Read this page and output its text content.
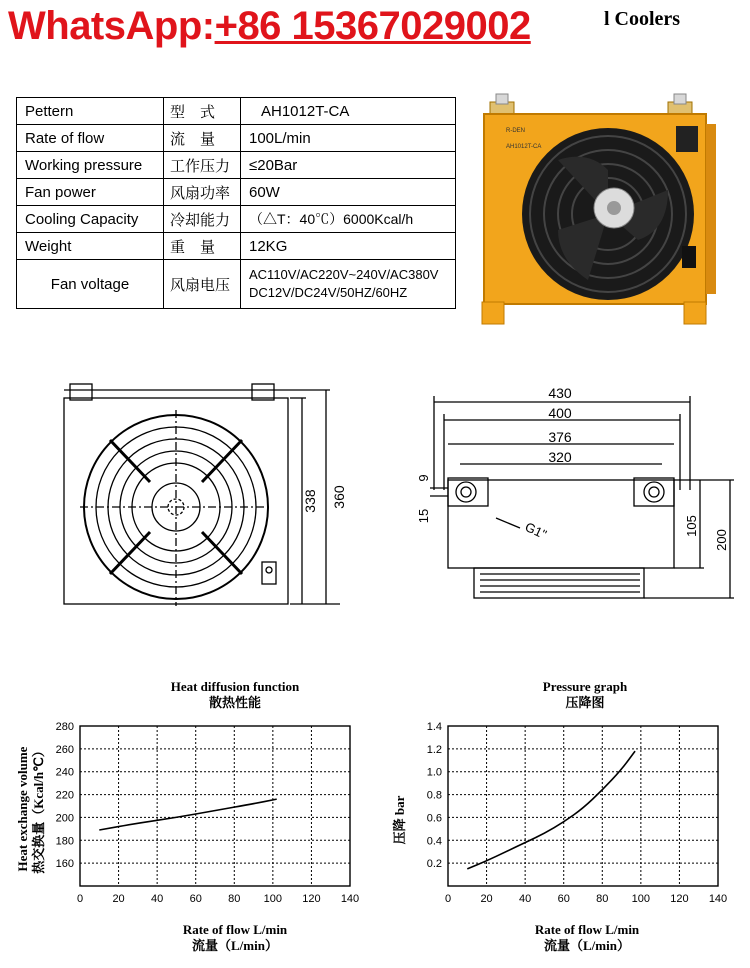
WhatsApp:+86 15367029002	l Coolers
Pettern	型　式	AH1012T-CA
Rate of flow	流　量	100L/min
Working pressure	工作压力	≤20Bar
Fan power	风扇功率	60W
Cooling Capacity	冷却能力	（△T：40℃）6000Kcal/h
Weight	重　量	12KG
Fan voltage	风扇电压	AC110V/AC220V~240V/AC380V
DC12V/DC24V/50HZ/60HZ
R-DEN
AH1012T-CA
338 360
430
400
376
320
9
15	105
200
G1"
Heat diffusion function
散热性能
Heat exchange volume 热交换量（Kcal/h℃）
0	20 40 60 80 100 120 140
160
180
200
220
240
260
280
Rate of flow L/min
流量（L/min）
Pressure graph
压降图
压降 bar
0	20 40 60 80 100 120 140
0.2
0.4
0.6
0.8
1.0
1.2
1.4
Rate of flow L/min
流量（L/min）
